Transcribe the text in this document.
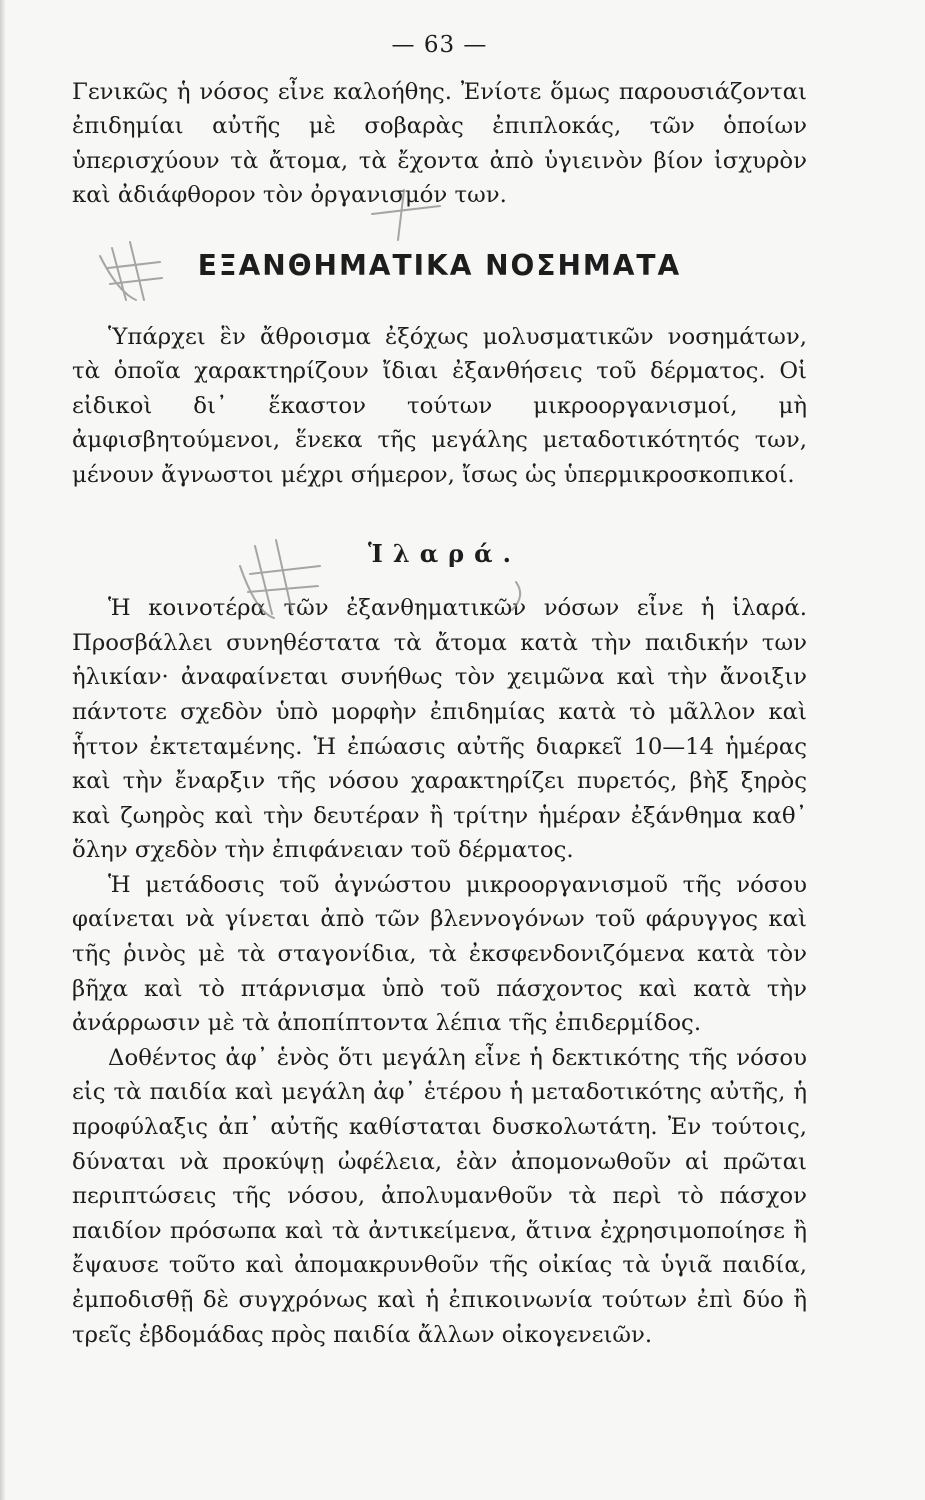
— 63 —

Γενικῶς ἡ νόσος εἶνε καλοήθης. Ἐνίοτε ὅμως παρουσιάζονται ἐπιδημίαι αὐτῆς μὲ σοβαρὰς ἐπιπλοκάς, τῶν ὁποίων ὑπερισχύουν τὰ ἄτομα, τὰ ἔχοντα ἀπὸ ὑγιεινὸν βίον ἰσχυρὸν καὶ ἀδιάφθορον τὸν ὀργανισμόν των.

ΕΞΑΝΘΗΜΑΤΙΚΑ ΝΟΣΗΜΑΤΑ

Ὑπάρχει ἓν ἄθροισμα ἐξόχως μολυσματικῶν νοσημάτων, τὰ ὁποῖα χαρακτηρίζουν ἴδιαι ἐξανθήσεις τοῦ δέρματος. Οἱ εἰδικοὶ δι᾽ ἕκαστον τούτων μικροοργανισμοί, μὴ ἀμφισβητούμενοι, ἕνεκα τῆς μεγάλης μεταδοτικότητός των, μένουν ἄγνωστοι μέχρι σήμερον, ἴσως ὡς ὑπερμικροσκοπικοί.

Ἱλαρά.

Ἡ κοινοτέρα τῶν ἐξανθηματικῶν νόσων εἶνε ἡ ἱλαρά. Προσβάλλει συνηθέστατα τὰ ἄτομα κατὰ τὴν παιδικήν των ἡλικίαν· ἀναφαίνεται συνήθως τὸν χειμῶνα καὶ τὴν ἄνοιξιν πάντοτε σχεδὸν ὑπὸ μορφὴν ἐπιδημίας κατὰ τὸ μᾶλλον καὶ ἧττον ἐκτεταμένης. Ἡ ἐπώασις αὐτῆς διαρκεῖ 10—14 ἡμέρας καὶ τὴν ἔναρξιν τῆς νόσου χαρακτηρίζει πυρετός, βὴξ ξηρὸς καὶ ζωηρὸς καὶ τὴν δευτέραν ἢ τρίτην ἡμέραν ἐξάνθημα καθ᾽ ὅλην σχεδὸν τὴν ἐπιφάνειαν τοῦ δέρματος.

Ἡ μετάδοσις τοῦ ἀγνώστου μικροοργανισμοῦ τῆς νόσου φαίνεται νὰ γίνεται ἀπὸ τῶν βλεννογόνων τοῦ φάρυγγος καὶ τῆς ῥινὸς μὲ τὰ σταγονίδια, τὰ ἐκσφενδονιζόμενα κατὰ τὸν βῆχα καὶ τὸ πτάρνισμα ὑπὸ τοῦ πάσχοντος καὶ κατὰ τὴν ἀνάρρωσιν μὲ τὰ ἀποπίπτοντα λέπια τῆς ἐπιδερμίδος.

Δοθέντος ἀφ᾽ ἑνὸς ὅτι μεγάλη εἶνε ἡ δεκτικότης τῆς νόσου εἰς τὰ παιδία καὶ μεγάλη ἀφ᾽ ἑτέρου ἡ μεταδοτικότης αὐτῆς, ἡ προφύλαξις ἀπ᾽ αὐτῆς καθίσταται δυσκολωτάτη. Ἐν τούτοις, δύναται νὰ προκύψῃ ὠφέλεια, ἐὰν ἀπομονωθοῦν αἱ πρῶται περιπτώσεις τῆς νόσου, ἀπολυμανθοῦν τὰ περὶ τὸ πάσχον παιδίον πρόσωπα καὶ τὰ ἀντικείμενα, ἅτινα ἐχρησιμοποίησε ἢ ἔψαυσε τοῦτο καὶ ἀπομακρυνθοῦν τῆς οἰκίας τὰ ὑγιᾶ παιδία, ἐμποδισθῇ δὲ συγχρόνως καὶ ἡ ἐπικοινωνία τούτων ἐπὶ δύο ἢ τρεῖς ἑβδομάδας πρὸς παιδία ἄλλων οἰκογενειῶν.
